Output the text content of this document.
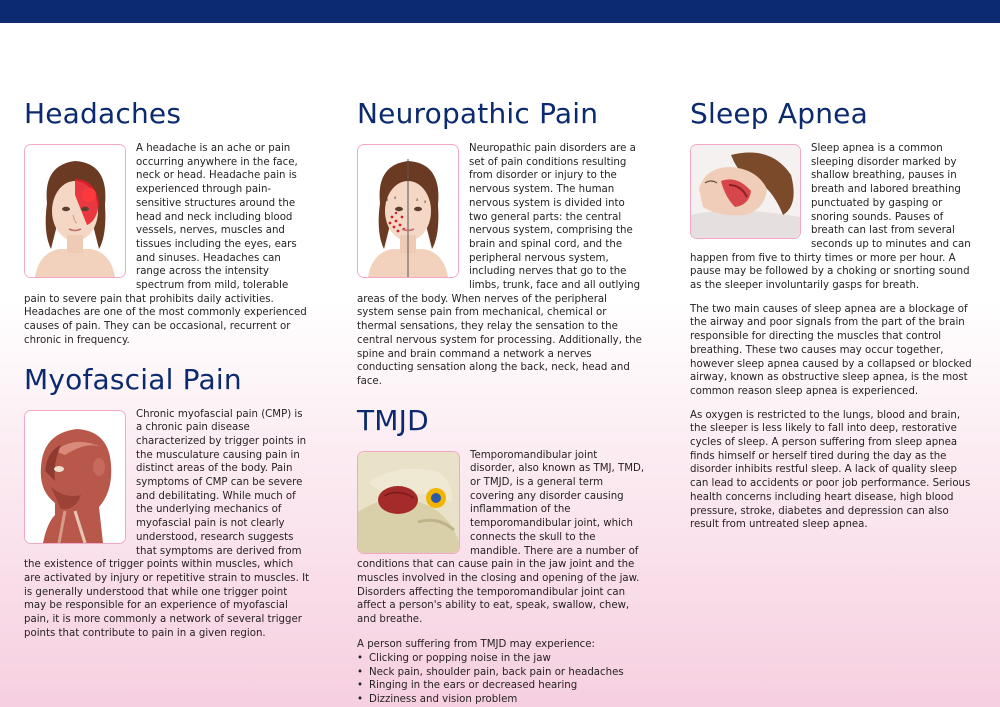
Headaches

A headache is an ache or pain occurring anywhere in the face, neck or head. Headache pain is experienced through pain-sensitive structures around the head and neck including blood vessels, nerves, muscles and tissues including the eyes, ears and sinuses. Headaches can range across the intensity spectrum from mild, tolerable pain to severe pain that prohibits daily activities. Headaches are one of the most commonly experienced causes of pain. They can be occasional, recurrent or chronic in frequency.

Myofascial Pain

Chronic myofascial pain (CMP) is a chronic pain disease characterized by trigger points in the musculature causing pain in distinct areas of the body. Pain symptoms of CMP can be severe and debilitating. While much of the underlying mechanics of myofascial pain is not clearly understood, research suggests that symptoms are derived from the existence of trigger points within muscles, which are activated by injury or repetitive strain to muscles. It is generally understood that while one trigger point may be responsible for an experience of myofascial pain, it is more commonly a network of several trigger points that contribute to pain in a given region.

Neuropathic Pain
x x	x x

Neuropathic pain disorders are a set of pain conditions resulting from disorder or injury to the nervous system. The human nervous system is divided into two general parts: the central nervous system, comprising the brain and spinal cord, and the peripheral nervous system, including nerves that go to the limbs, trunk, face and all outlying areas of the body. When nerves of the peripheral system sense pain from mechanical, chemical or thermal sensations, they relay the sensation to the central nervous system for processing. Additionally, the spine and brain command a network a nerves conducting sensation along the back, neck, head and face.

TMJD

Temporomandibular joint disorder, also known as TMJ, TMD, or TMJD, is a general term covering any disorder causing inflammation of the temporomandibular joint, which connects the skull to the mandible. There are a number of conditions that can cause pain in the jaw joint and the muscles involved in the closing and opening of the jaw. Disorders affecting the temporomandibular joint can affect a person's ability to eat, speak, swallow, chew, and breathe.

A person suffering from TMJD may experience:
• Clicking or popping noise in the jaw
• Neck pain, shoulder pain, back pain or headaches
• Ringing in the ears or decreased hearing
• Dizziness and vision problem
Sleep Apnea

Sleep apnea is a common sleeping disorder marked by shallow breathing, pauses in breath and labored breathing punctuated by gasping or snoring sounds. Pauses of breath can last from several seconds up to minutes and can happen from five to thirty times or more per hour. A pause may be followed by a choking or snorting sound as the sleeper involuntarily gasps for breath.

The two main causes of sleep apnea are a blockage of the airway and poor signals from the part of the brain responsible for directing the muscles that control breathing. These two causes may occur together, however sleep apnea caused by a collapsed or blocked airway, known as obstructive sleep apnea, is the most common reason sleep apnea is experienced.

As oxygen is restricted to the lungs, blood and brain, the sleeper is less likely to fall into deep, restorative cycles of sleep. A person suffering from sleep apnea finds himself or herself tired during the day as the disorder inhibits restful sleep. A lack of quality sleep can lead to accidents or poor job performance. Serious health concerns including heart disease, high blood pressure, stroke, diabetes and depression can also result from untreated sleep apnea.
